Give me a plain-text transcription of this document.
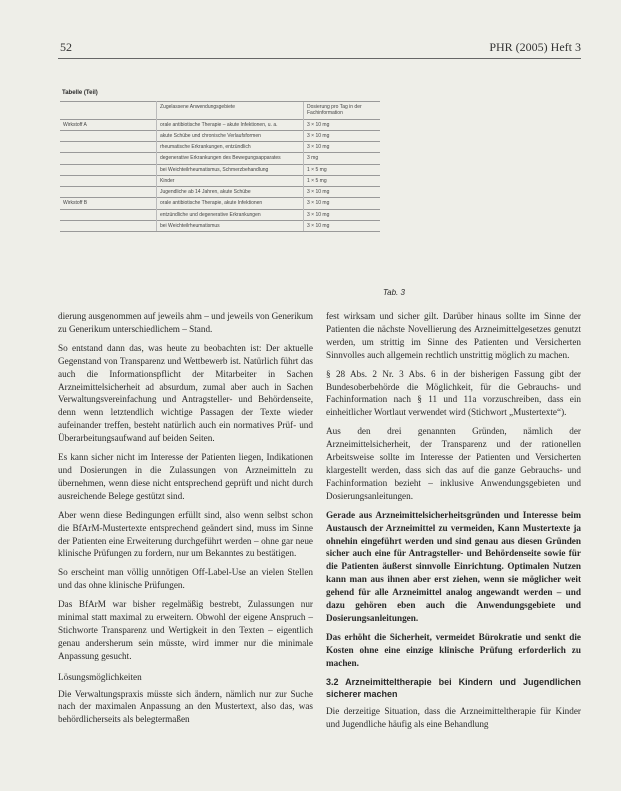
52	PHR (2005) Heft 3
Tabelle (Teil)
	Zugelassene Anwendungsgebiete	Dosierung pro Tag in der Fachinformation
Wirkstoff A	orale antibiotische Therapie – akute Infektionen, u. a.	3 × 10 mg
	akute Schübe und chronische Verlaufsformen	3 × 10 mg
	rheumatische Erkrankungen, entzündlich	3 × 10 mg
	degenerative Erkrankungen des Bewegungsapparates	3 mg
	bei Weichteilrheumatismus, Schmerzbehandlung	1 × 5 mg
	Kinder	1 × 5 mg
	Jugendliche ab 14 Jahren, akute Schübe	3 × 10 mg
Wirkstoff B	orale antibiotische Therapie, akute Infektionen	3 × 10 mg
	entzündliche und degenerative Erkrankungen	3 × 10 mg
	bei Weichteilrheumatismus	3 × 10 mg
Tab. 3

dierung ausgenommen auf jeweils ahm – und jeweils von Generikum zu Generikum unterschiedlichem – Stand.

So entstand dann das, was heute zu beobachten ist: Der aktuelle Gegenstand von Transparenz und Wettbewerb ist. Natürlich führt das auch die Informationspflicht der Mitarbeiter in Sachen Arzneimittelsicherheit ad absurdum, zumal aber auch in Sachen Verwaltungsvereinfachung und Antragsteller- und Behördenseite, denn wenn letztendlich wichtige Passagen der Texte wieder aufeinander treffen, besteht natürlich auch ein normatives Prüf- und Überarbeitungsaufwand auf beiden Seiten.

Es kann sicher nicht im Interesse der Patienten liegen, Indikationen und Dosierungen in die Zulassungen von Arzneimitteln zu übernehmen, wenn diese nicht entsprechend geprüft und nicht durch ausreichende Belege gestützt sind.

Aber wenn diese Bedingungen erfüllt sind, also wenn selbst schon die BfArM-Mustertexte entsprechend geändert sind, muss im Sinne der Patienten eine Erweiterung durchgeführt werden – ohne gar neue klinische Prüfungen zu fordern, nur um Bekanntes zu bestätigen.

So erscheint man völlig unnötigen Off-Label-Use an vielen Stellen und das ohne klinische Prüfungen.

Das BfArM war bisher regelmäßig bestrebt, Zulassungen nur minimal statt maximal zu erweitern. Obwohl der eigene Anspruch – Stichworte Transparenz und Wertigkeit in den Texten – eigentlich genau andersherum sein müsste, wird immer nur die minimale Anpassung gesucht.

Lösungsmöglichkeiten

Die Verwaltungspraxis müsste sich ändern, nämlich nur zur Suche nach der maximalen Anpassung an den Mustertext, also das, was behördlicherseits als belegtermaßen

fest wirksam und sicher gilt. Darüber hinaus sollte im Sinne der Patienten die nächste Novellierung des Arzneimittelgesetzes genutzt werden, um strittig im Sinne des Patienten und Versicherten Sinnvolles auch allgemein rechtlich unstrittig möglich zu machen.

§ 28 Abs. 2 Nr. 3 Abs. 6 in der bisherigen Fassung gibt der Bundesoberbehörde die Möglichkeit, für die Gebrauchs- und Fachinformation nach § 11 und 11a vorzuschreiben, dass ein einheitlicher Wortlaut verwendet wird (Stichwort „Mustertexte“).

Aus den drei genannten Gründen, nämlich der Arzneimittelsicherheit, der Transparenz und der rationellen Arbeitsweise sollte im Interesse der Patienten und Versicherten klargestellt werden, dass sich das auf die ganze Gebrauchs- und Fachinformation bezieht – inklusive Anwendungsgebieten und Dosierungsanleitungen.

Gerade aus Arzneimittelsicherheitsgründen und Interesse beim Austausch der Arzneimittel zu vermeiden, Kann Mustertexte ja ohnehin eingeführt werden und sind genau aus diesen Gründen sicher auch eine für Antragsteller- und Behördenseite sowie für die Patienten äußerst sinnvolle Einrichtung. Optimalen Nutzen kann man aus ihnen aber erst ziehen, wenn sie möglicher weit gehend für alle Arzneimittel analog angewandt werden – und dazu gehören eben auch die Anwendungsgebiete und Dosierungsanleitungen.

Das erhöht die Sicherheit, vermeidet Bürokratie und senkt die Kosten ohne eine einzige klinische Prüfung erforderlich zu machen.

3.2 Arzneimitteltherapie bei Kindern und Jugendlichen sicherer machen

Die derzeitige Situation, dass die Arzneimitteltherapie für Kinder und Jugendliche häufig als eine Behandlung
